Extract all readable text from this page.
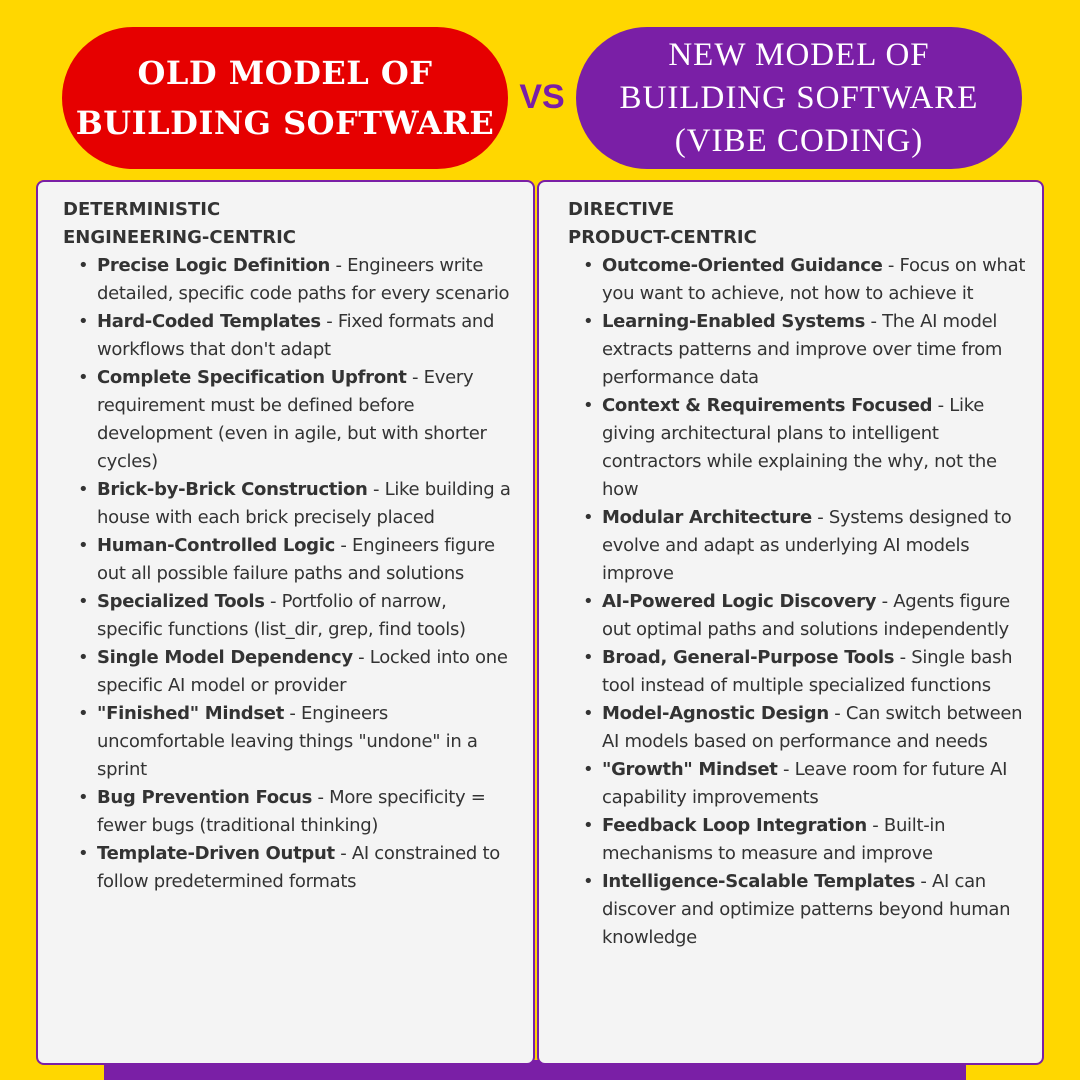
OLD MODEL OF
BUILDING SOFTWARE
VS
NEW MODEL OF
BUILDING SOFTWARE
(VIBE CODING)
DETERMINISTIC
ENGINEERING-CENTRIC
• Precise Logic Definition - Engineers write detailed, specific code paths for every scenario
• Hard-Coded Templates - Fixed formats and workflows that don't adapt
• Complete Specification Upfront - Every requirement must be defined before development (even in agile, but with shorter cycles)
• Brick-by-Brick Construction - Like building a house with each brick precisely placed
• Human-Controlled Logic - Engineers figure out all possible failure paths and solutions
• Specialized Tools - Portfolio of narrow, specific functions (list_dir, grep, find tools)
• Single Model Dependency - Locked into one specific AI model or provider
• "Finished" Mindset - Engineers uncomfortable leaving things "undone" in a sprint
• Bug Prevention Focus - More specificity = fewer bugs (traditional thinking)
• Template-Driven Output - AI constrained to follow predetermined formats
DIRECTIVE
PRODUCT-CENTRIC
• Outcome-Oriented Guidance - Focus on what you want to achieve, not how to achieve it
• Learning-Enabled Systems - The AI model extracts patterns and improve over time from performance data
• Context & Requirements Focused - Like giving architectural plans to intelligent contractors while explaining the why, not the how
• Modular Architecture - Systems designed to evolve and adapt as underlying AI models improve
• AI-Powered Logic Discovery - Agents figure out optimal paths and solutions independently
• Broad, General-Purpose Tools - Single bash tool instead of multiple specialized functions
• Model-Agnostic Design - Can switch between AI models based on performance and needs
• "Growth" Mindset - Leave room for future AI capability improvements
• Feedback Loop Integration - Built-in mechanisms to measure and improve
• Intelligence-Scalable Templates - AI can discover and optimize patterns beyond human knowledge
